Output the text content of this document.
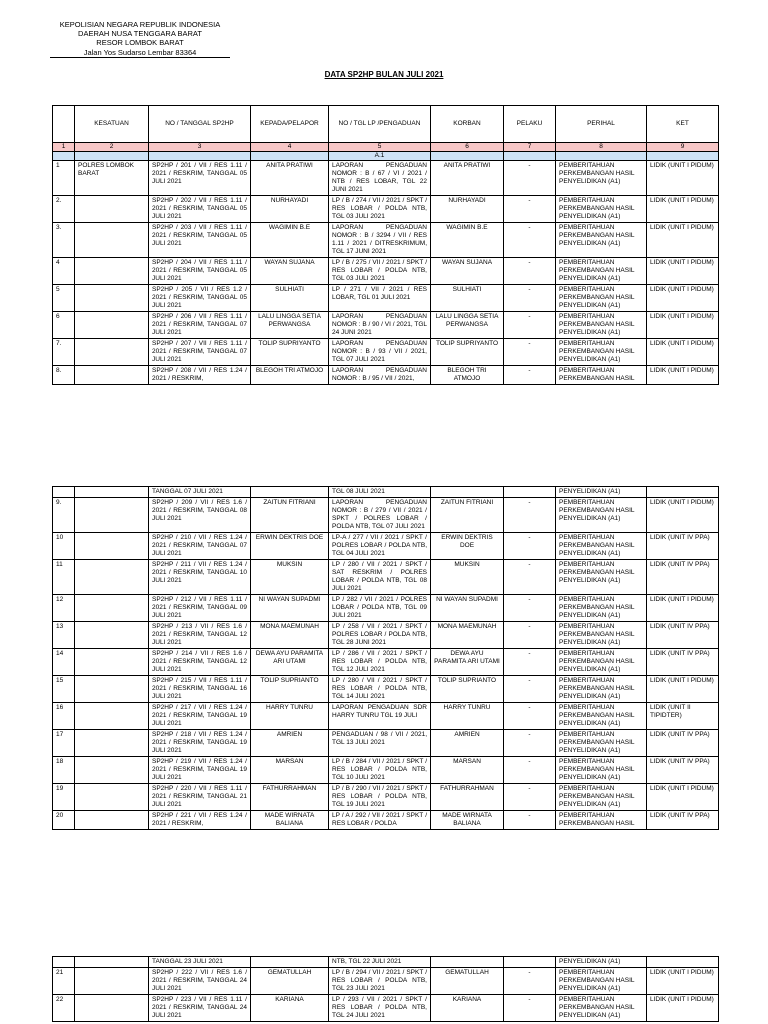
KEPOLISIAN NEGARA REPUBLIK INDONESIA
DAERAH NUSA TENGGARA BARAT
RESOR LOMBOK BARAT
Jalan Yos Sudarso Lembar 83364
DATA SP2HP BULAN JULI 2021
	KESATUAN	NO / TANGGAL SP2HP	KEPADA/PELAPOR	NO / TGL LP /PENGADUAN	KORBAN	PELAKU	PERIHAL	KET
1	2	3	4	5	6	7	8	9
				A.1				
1	POLRES LOMBOK BARAT	SP2HP / 201 / VII / RES 1.11 / 2021 / RESKRIM, TANGGAL 05 JULI 2021	ANITA PRATIWI	LAPORAN PENGADUAN NOMOR : B / 67 / VI / 2021 / NTB / RES LOBAR, TGL 22 JUNI 2021	ANITA PRATIWI	-	PEMBERITAHUAN PERKEMBANGAN HASIL PENYELIDIKAN (A1)	LIDIK (UNIT I PIDUM)
2.		SP2HP / 202 / VII / RES 1.11 / 2021 / RESKRIM, TANGGAL 05 JULI 2021	NURHAYADI	LP / B / 274 / VII / 2021 / SPKT / RES LOBAR / POLDA NTB, TGL 03 JULI 2021	NURHAYADI	-	PEMBERITAHUAN PERKEMBANGAN HASIL PENYELIDIKAN (A1)	LIDIK (UNIT I PIDUM)
3.		SP2HP / 203 / VII / RES 1.11 / 2021 / RESKRIM, TANGGAL 05 JULI 2021	WAGIMIN B.E	LAPORAN PENGADUAN NOMOR : B / 3294 / VII / RES 1.11 / 2021 / DITRESKRIMUM, TGL 17 JUNI 2021	WAGIMIN B.E	-	PEMBERITAHUAN PERKEMBANGAN HASIL PENYELIDIKAN (A1)	LIDIK (UNIT I PIDUM)
4		SP2HP / 204 / VII / RES 1.11 / 2021 / RESKRIM, TANGGAL 05 JULI 2021	WAYAN SUJANA	LP / B / 275 / VII / 2021 / SPKT / RES LOBAR / POLDA NTB, TGL 03 JULI 2021	WAYAN SUJANA	-	PEMBERITAHUAN PERKEMBANGAN HASIL PENYELIDIKAN (A1)	LIDIK (UNIT I PIDUM)
5		SP2HP / 205 / VII / RES 1.2 / 2021 / RESKRIM, TANGGAL 05 JULI 2021	SULHIATI	LP / 271 / VII / 2021 / RES LOBAR, TGL 01 JULI 2021	SULHIATI	-	PEMBERITAHUAN PERKEMBANGAN HASIL PENYELIDIKAN (A1)	LIDIK (UNIT I PIDUM)
6		SP2HP / 206 / VII / RES 1.11 / 2021 / RESKRIM, TANGGAL 07 JULI 2021	LALU LINGGA SETIA PERWANGSA	LAPORAN PENGADUAN NOMOR : B / 90 / VI / 2021, TGL 24 JUNI 2021	LALU LINGGA SETIA PERWANGSA	-	PEMBERITAHUAN PERKEMBANGAN HASIL PENYELIDIKAN (A1)	LIDIK (UNIT I PIDUM)
7.		SP2HP / 207 / VII / RES 1.11 / 2021 / RESKRIM, TANGGAL 07 JULI 2021	TOLIP SUPRIYANTO	LAPORAN PENGADUAN NOMOR : B / 93 / VII / 2021, TGL 07 JULI 2021	TOLIP SUPRIYANTO	-	PEMBERITAHUAN PERKEMBANGAN HASIL PENYELIDIKAN (A1)	LIDIK (UNIT I PIDUM)
8.		SP2HP / 208 / VII / RES 1.24 / 2021 / RESKRIM,	BLEGOH TRI ATMOJO	LAPORAN PENGADUAN NOMOR : B / 95 / VII / 2021,	BLEGOH TRI ATMOJO	-	PEMBERITAHUAN PERKEMBANGAN HASIL	LIDIK (UNIT I PIDUM)
		TANGGAL 07 JULI 2021		TGL 08 JULI 2021			PENYELIDIKAN (A1)	
9.		SP2HP / 209 / VII / RES 1.6 / 2021 / RESKRIM, TANGGAL 08 JULI 2021	ZAITUN FITRIANI	LAPORAN PENGADUAN NOMOR : B / 279 / VII / 2021 / SPKT / POLRES LOBAR / POLDA NTB, TGL 07 JULI 2021	ZAITUN FITRIANI	-	PEMBERITAHUAN PERKEMBANGAN HASIL PENYELIDIKAN (A1)	LIDIK (UNIT I PIDUM)
10		SP2HP / 210 / VII / RES 1.24 / 2021 / RESKRIM, TANGGAL 07 JULI 2021	ERWIN DEKTRIS DOE	LP-A / 277 / VII / 2021 / SPKT / POLRES LOBAR / POLDA NTB, TGL 04 JULI 2021	ERWIN DEKTRIS DOE	-	PEMBERITAHUAN PERKEMBANGAN HASIL PENYELIDIKAN (A1)	LIDIK (UNIT IV PPA)
11		SP2HP / 211 / VII / RES 1.24 / 2021 / RESKRIM, TANGGAL 10 JULI 2021	MUKSIN	LP / 280 / VII / 2021 / SPKT / SAT RESKRIM / POLRES LOBAR / POLDA NTB, TGL 08 JULI 2021	MUKSIN	-	PEMBERITAHUAN PERKEMBANGAN HASIL PENYELIDIKAN (A1)	LIDIK (UNIT IV PPA)
12		SP2HP / 212 / VII / RES 1.11 / 2021 / RESKRIM, TANGGAL 09 JULI 2021	NI WAYAN SUPADMI	LP / 282 / VII / 2021 / POLRES LOBAR / POLDA NTB, TGL 09 JULI 2021	NI WAYAN SUPADMI	-	PEMBERITAHUAN PERKEMBANGAN HASIL PENYELIDIKAN (A1)	LIDIK (UNIT I PIDUM)
13		SP2HP / 213 / VII / RES 1.6 / 2021 / RESKRIM, TANGGAL 12 JULI 2021	MONA MAEMUNAH	LP / 258 / VII / 2021 / SPKT / POLRES LOBAR / POLDA NTB, TGL 28 JUNI 2021	MONA MAEMUNAH	-	PEMBERITAHUAN PERKEMBANGAN HASIL PENYELIDIKAN (A1)	LIDIK (UNIT IV PPA)
14		SP2HP / 214 / VII / RES 1.6 / 2021 / RESKRIM, TANGGAL 12 JULI 2021	DEWA AYU PARAMITA ARI UTAMI	LP / 286 / VII / 2021 / SPKT / RES LOBAR / POLDA NTB, TGL 12 JULI 2021	DEWA AYU PARAMITA ARI UTAMI	-	PEMBERITAHUAN PERKEMBANGAN HASIL PENYELIDIKAN (A1)	LIDIK (UNIT IV PPA)
15		SP2HP / 215 / VII / RES 1.11 / 2021 / RESKRIM, TANGGAL 16 JULI 2021	TOLIP SUPRIANTO	LP / 280 / VII / 2021 / SPKT / RES LOBAR / POLDA NTB, TGL 14 JULI 2021	TOLIP SUPRIANTO	-	PEMBERITAHUAN PERKEMBANGAN HASIL PENYELIDIKAN (A1)	LIDIK (UNIT I PIDUM)
16		SP2HP / 217 / VII / RES 1.24 / 2021 / RESKRIM, TANGGAL 19 JULI 2021	HARRY TUNRU	LAPORAN PENGADUAN SDR HARRY TUNRU TGL 19 JULI	HARRY TUNRU	-	PEMBERITAHUAN PERKEMBANGAN HASIL PENYELIDIKAN (A1)	LIDIK (UNIT II TIPIDTER)
17		SP2HP / 218 / VII / RES 1.24 / 2021 / RESKRIM, TANGGAL 19 JULI 2021	AMRIEN	PENGADUAN / 98 / VII / 2021, TGL 13 JULI 2021	AMRIEN	-	PEMBERITAHUAN PERKEMBANGAN HASIL PENYELIDIKAN (A1)	LIDIK (UNIT IV PPA)
18		SP2HP / 219 / VII / RES 1.24 / 2021 / RESKRIM, TANGGAL 19 JULI 2021	MARSAN	LP / B / 284 / VII / 2021 / SPKT / RES LOBAR / POLDA NTB, TGL 10 JULI 2021	MARSAN	-	PEMBERITAHUAN PERKEMBANGAN HASIL PENYELIDIKAN (A1)	LIDIK (UNIT IV PPA)
19		SP2HP / 220 / VII / RES 1.11 / 2021 / RESKRIM, TANGGAL 21 JULI 2021	FATHURRAHMAN	LP / B / 290 / VII / 2021 / SPKT / RES LOBAR / POLDA NTB, TGL 19 JULI 2021	FATHURRAHMAN	-	PEMBERITAHUAN PERKEMBANGAN HASIL PENYELIDIKAN (A1)	LIDIK (UNIT I PIDUM)
20		SP2HP / 221 / VII / RES 1.24 / 2021 / RESKRIM,	MADE WIRNATA BALIANA	LP / A / 292 / VII / 2021 / SPKT / RES LOBAR / POLDA	MADE WIRNATA BALIANA	-	PEMBERITAHUAN PERKEMBANGAN HASIL	LIDIK (UNIT IV PPA)
		TANGGAL 23 JULI 2021		NTB, TGL 22 JULI 2021			PENYELIDIKAN (A1)	
21		SP2HP / 222 / VII / RES 1.6 / 2021 / RESKRIM, TANGGAL 24 JULI 2021	GEMATULLAH	LP / B / 294 / VII / 2021 / SPKT / RES LOBAR / POLDA NTB, TGL 23 JULI 2021	GEMATULLAH	-	PEMBERITAHUAN PERKEMBANGAN HASIL PENYELIDIKAN (A1)	LIDIK (UNIT I PIDUM)
22		SP2HP / 223 / VII / RES 1.11 / 2021 / RESKRIM, TANGGAL 24 JULI 2021	KARIANA	LP / 293 / VII / 2021 / SPKT / RES LOBAR / POLDA NTB, TGL 24 JULI 2021	KARIANA	-	PEMBERITAHUAN PERKEMBANGAN HASIL PENYELIDIKAN (A1)	LIDIK (UNIT I PIDUM)
